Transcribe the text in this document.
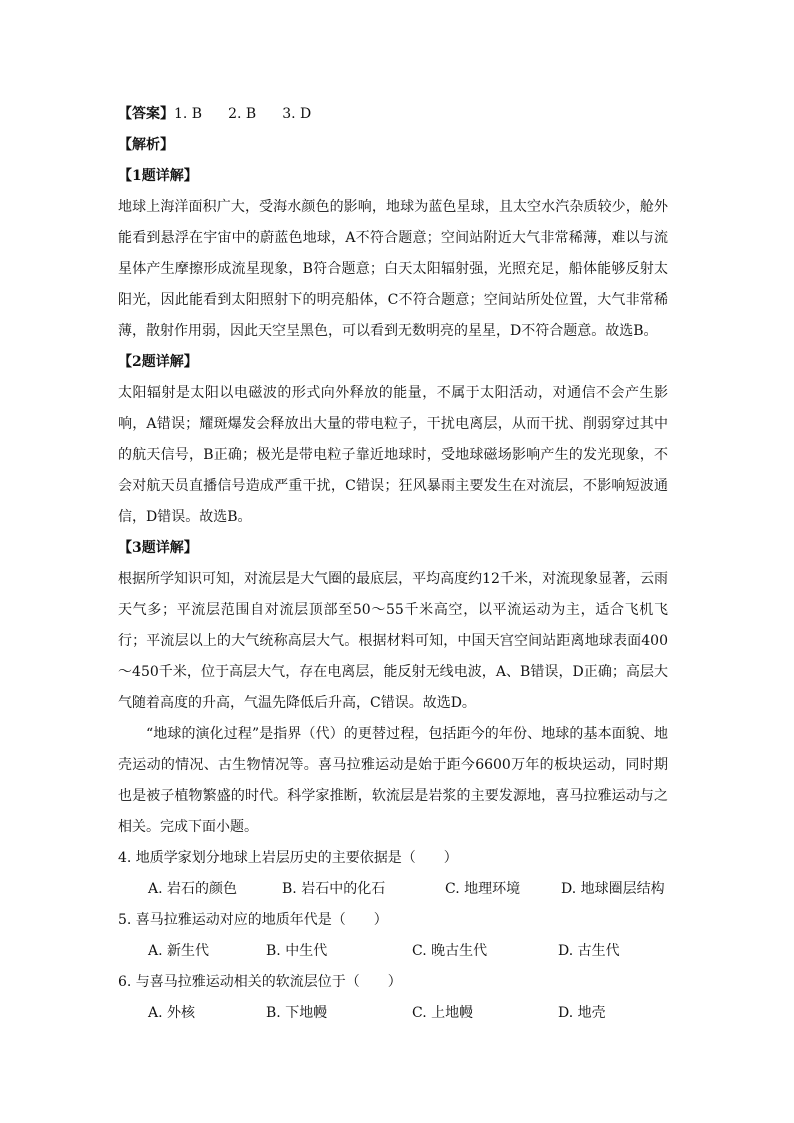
【答案】1. B 2. B 3. D
【解析】
【1题详解】
地球上海洋面积广大，受海水颜色的影响，地球为蓝色星球，且太空水汽杂质较少，舱外能看到悬浮在宇宙中的蔚蓝色地球，A不符合题意；空间站附近大气非常稀薄，难以与流星体产生摩擦形成流星现象，B符合题意；白天太阳辐射强，光照充足，船体能够反射太阳光，因此能看到太阳照射下的明亮船体，C不符合题意；空间站所处位置，大气非常稀薄，散射作用弱，因此天空呈黑色，可以看到无数明亮的星星，D不符合题意。故选B。
【2题详解】
太阳辐射是太阳以电磁波的形式向外释放的能量，不属于太阳活动，对通信不会产生影响，A错误；耀斑爆发会释放出大量的带电粒子，干扰电离层，从而干扰、削弱穿过其中的航天信号，B正确；极光是带电粒子靠近地球时，受地球磁场影响产生的发光现象，不会对航天员直播信号造成严重干扰，C错误；狂风暴雨主要发生在对流层，不影响短波通信，D错误。故选B。
【3题详解】
根据所学知识可知，对流层是大气圈的最底层，平均高度约12千米，对流现象显著，云雨天气多；平流层范围自对流层顶部至50～55千米高空，以平流运动为主，适合飞机飞行；平流层以上的大气统称高层大气。根据材料可知，中国天宫空间站距离地球表面400～450千米，位于高层大气，存在电离层，能反射无线电波，A、B错误，D正确；高层大气随着高度的升高，气温先降低后升高，C错误。故选D。
“地球的演化过程”是指界（代）的更替过程，包括距今的年份、地球的基本面貌、地壳运动的情况、古生物情况等。喜马拉雅运动是始于距今6600万年的板块运动，同时期也是被子植物繁盛的时代。科学家推断，软流层是岩浆的主要发源地，喜马拉雅运动与之相关。完成下面小题。
4. 地质学家划分地球上岩层历史的主要依据是（　　）
A. 岩石的颜色	B. 岩石中的化石	C. 地理环境	D. 地球圈层结构
5. 喜马拉雅运动对应的地质年代是（　　）
A. 新生代	B. 中生代	C. 晚古生代	D. 古生代
6. 与喜马拉雅运动相关的软流层位于（　　）
A. 外核	B. 下地幔	C. 上地幔	D. 地壳
